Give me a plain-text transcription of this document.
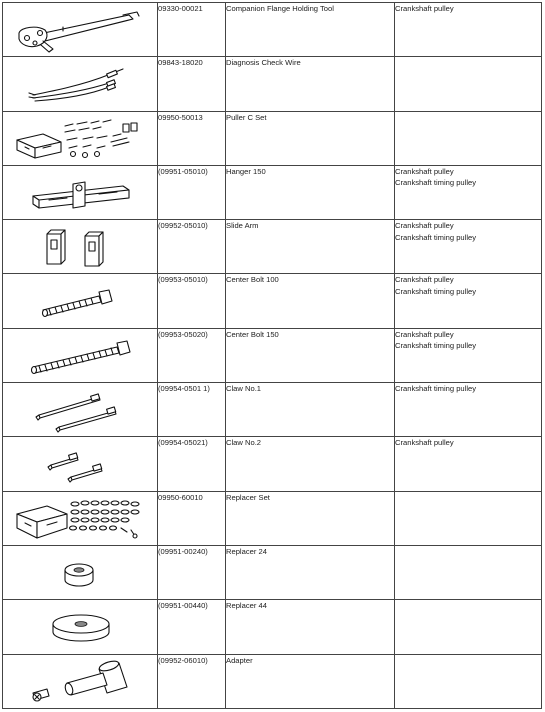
09330-00021	Companion Flange Holding Tool	Crankshaft pulley

09843-18020	Diagnosis Check Wire	

09950-50013	Puller C Set	

(09951-05010)	Hanger 150	Crankshaft pulley
Crankshaft timing pulley

(09952-05010)	Slide Arm	Crankshaft pulley
Crankshaft timing pulley

(09953-05010)	Center Bolt 100	Crankshaft pulley
Crankshaft timing pulley

(09953-05020)	Center Bolt 150	Crankshaft pulley
Crankshaft timing pulley

(09954-0501 1)	Claw No.1	Crankshaft timing pulley

(09954-05021)	Claw No.2	Crankshaft pulley

09950-60010	Replacer Set	

(09951-00240)	Replacer 24	

(09951-00440)	Replacer 44	

(09952-06010)	Adapter	
